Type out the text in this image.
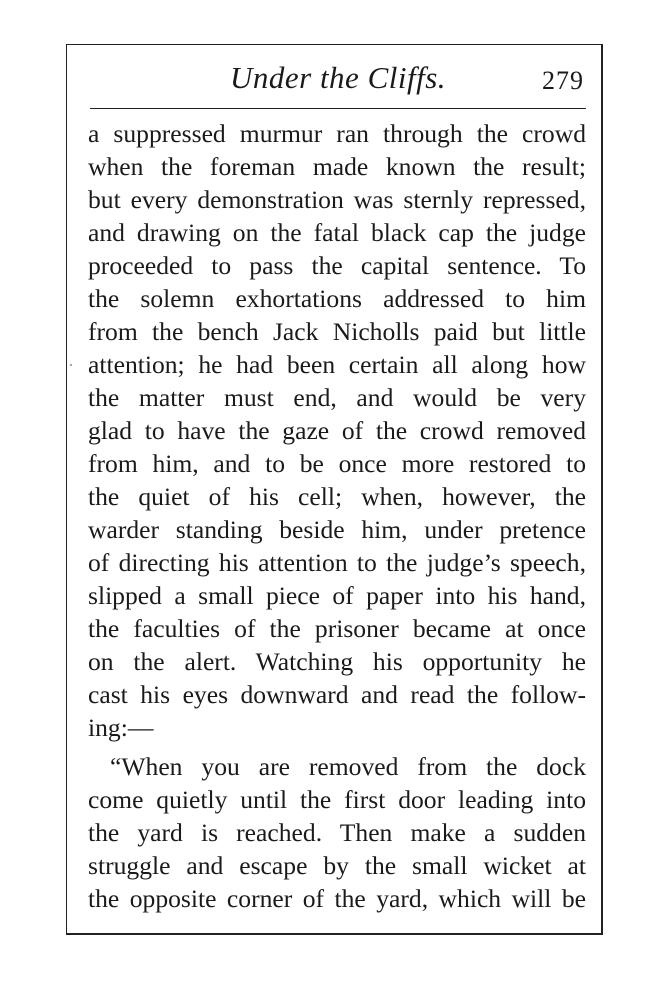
Under the Cliffs.	279
a suppressed murmur ran through the crowd
when the foreman made known the result;
but every demonstration was sternly repressed,
and drawing on the fatal black cap the judge
proceeded to pass the capital sentence. To
the solemn exhortations addressed to him
from the bench Jack Nicholls paid but little
attention; he had been certain all along how
the matter must end, and would be very
glad to have the gaze of the crowd removed
from him, and to be once more restored to
the quiet of his cell; when, however, the
warder standing beside him, under pretence
of directing his attention to the judge’s speech,
slipped a small piece of paper into his hand,
the faculties of the prisoner became at once
on the alert. Watching his opportunity he
cast his eyes downward and read the follow-
ing:—
“When you are removed from the dock
come quietly until the first door leading into
the yard is reached. Then make a sudden
struggle and escape by the small wicket at
the opposite corner of the yard, which will be
